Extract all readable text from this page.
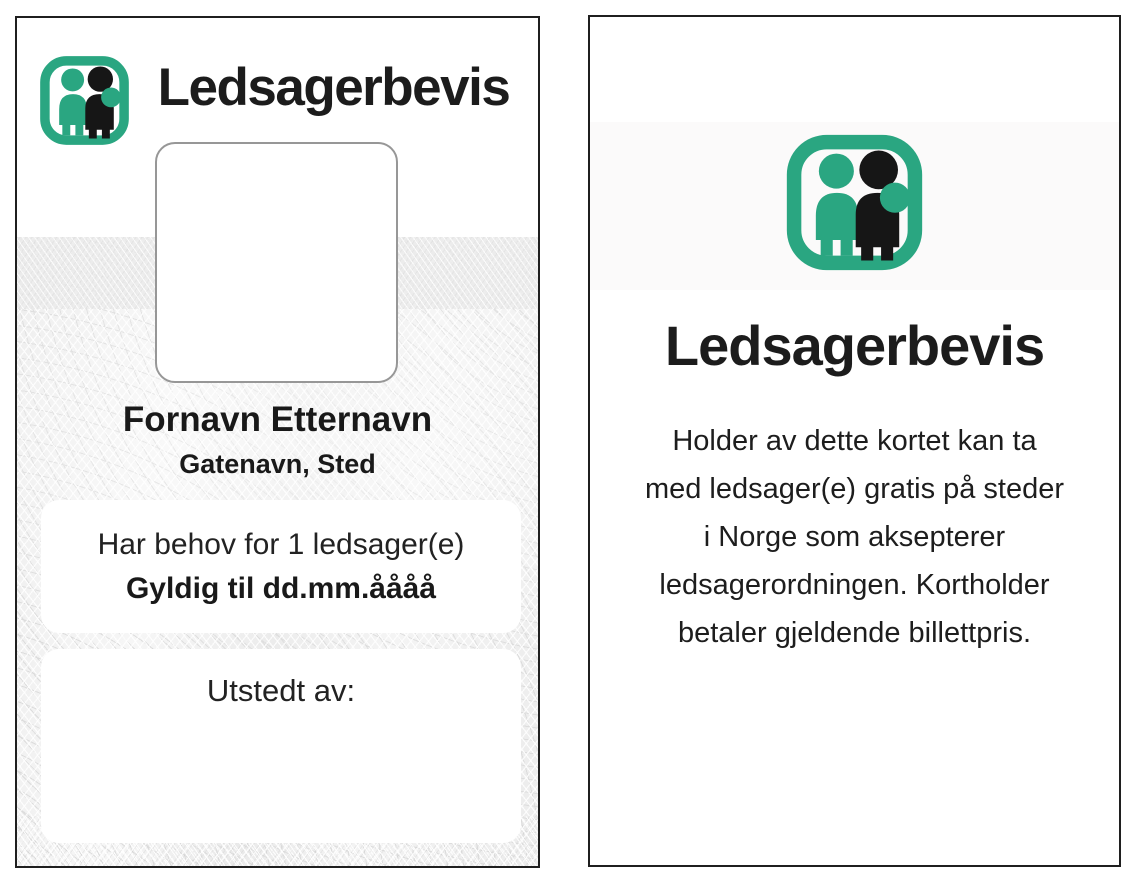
Ledsagerbevis
Fornavn Etternavn
Gatenavn, Sted
Har behov for 1 ledsager(e)
Gyldig til dd.mm.åååå
Utstedt av:
Ledsagerbevis
Holder av dette kortet kan ta
med ledsager(e) gratis på steder
i Norge som aksepterer
ledsagerordningen. Kortholder
betaler gjeldende billettpris.
